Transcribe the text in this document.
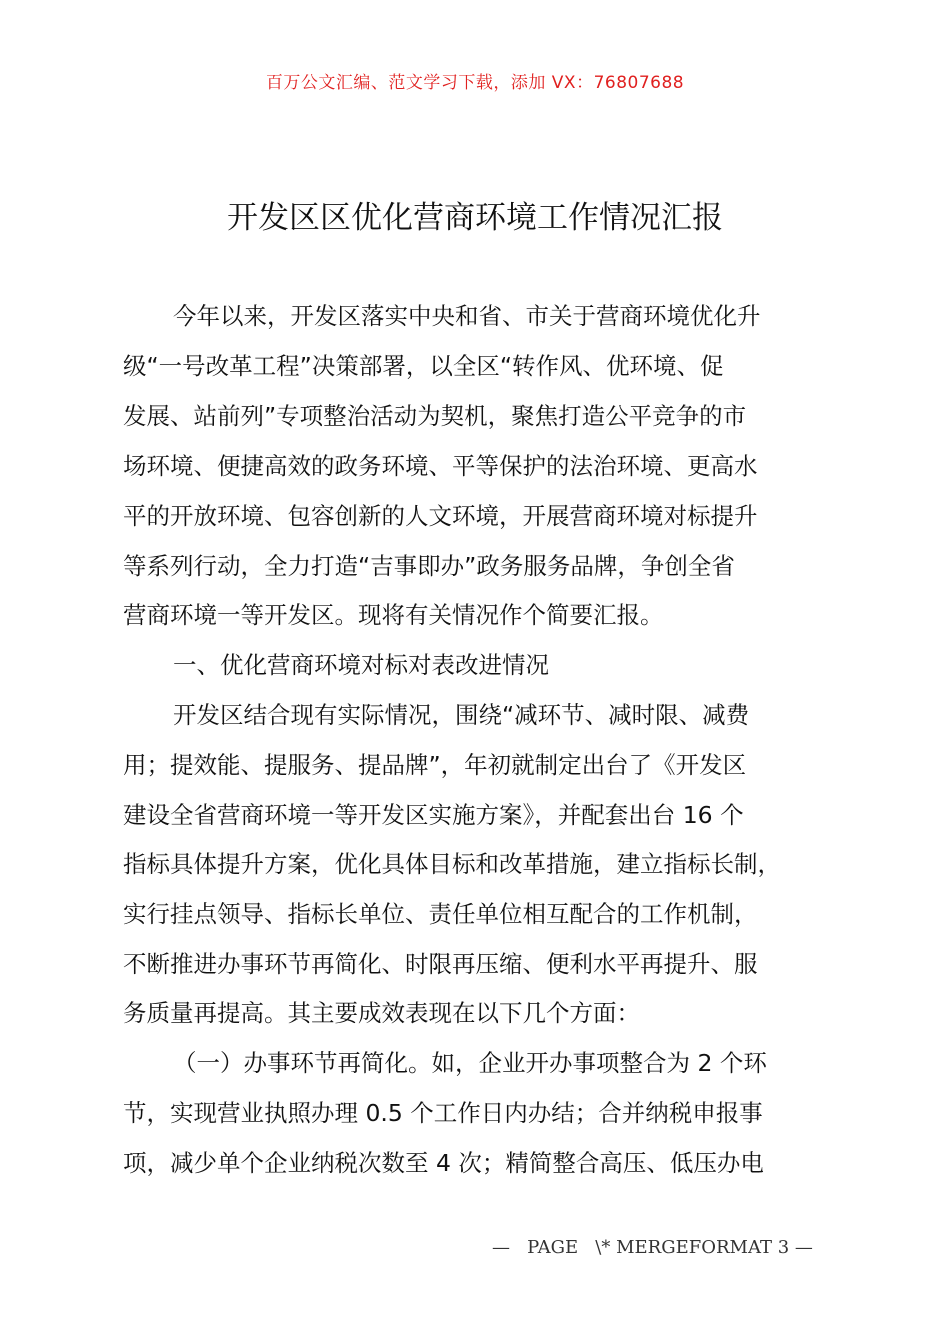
百万公文汇编、范文学习下载，添加 VX：76807688
开发区区优化营商环境工作情况汇报
今年以来，开发区落实中央和省、市关于营商环境优化升
级“一号改革工程”决策部署，以全区“转作风、优环境、促
发展、站前列”专项整治活动为契机，聚焦打造公平竞争的市
场环境、便捷高效的政务环境、平等保护的法治环境、更高水
平的开放环境、包容创新的人文环境，开展营商环境对标提升
等系列行动，全力打造“吉事即办”政务服务品牌，争创全省
营商环境一等开发区。现将有关情况作个简要汇报。
一、优化营商环境对标对表改进情况
开发区结合现有实际情况，围绕“减环节、减时限、减费
用；提效能、提服务、提品牌”，年初就制定出台了《开发区
建设全省营商环境一等开发区实施方案》，并配套出台 16 个
指标具体提升方案，优化具体目标和改革措施，建立指标长制，
实行挂点领导、指标长单位、责任单位相互配合的工作机制，
不断推进办事环节再简化、时限再压缩、便利水平再提升、服
务质量再提高。其主要成效表现在以下几个方面：
（一）办事环节再简化。如，企业开办事项整合为 2 个环
节，实现营业执照办理 0.5 个工作日内办结；合并纳税申报事
项，减少单个企业纳税次数至 4 次；精简整合高压、低压办电
—   PAGE   \* MERGEFORMAT 3 —
